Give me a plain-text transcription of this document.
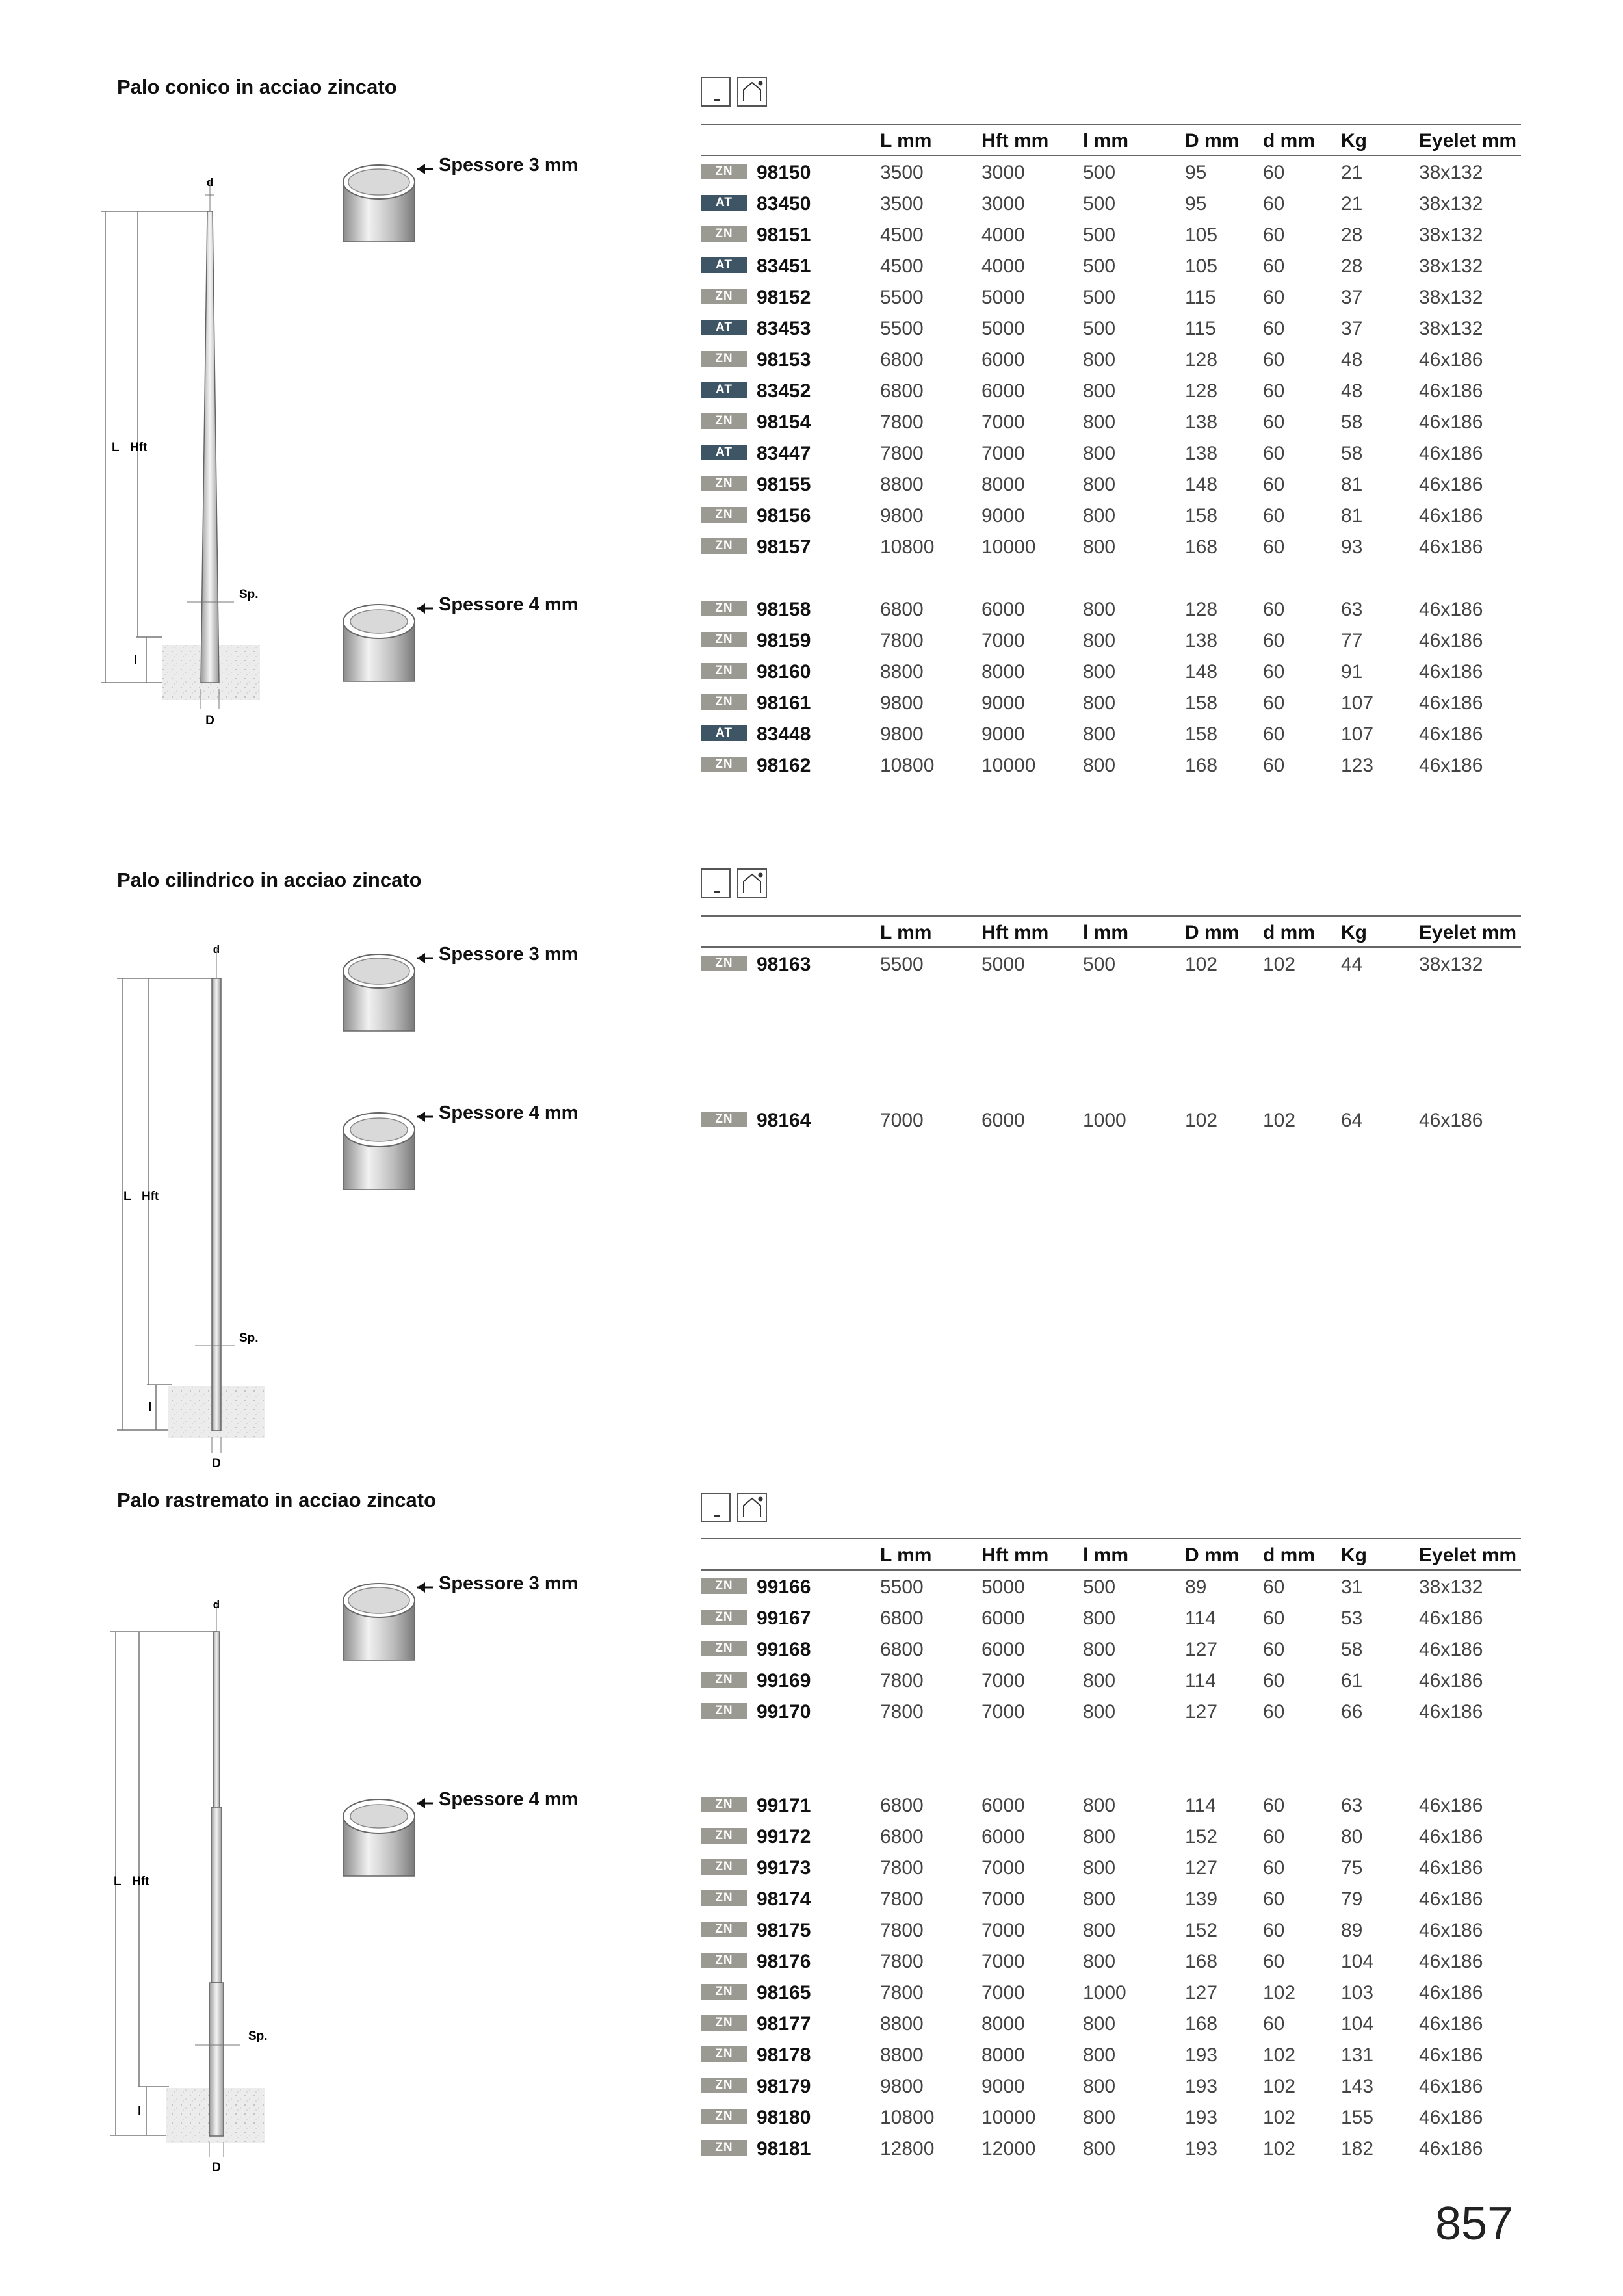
Palo conico in acciao zincato
d
Sp.
D
L Hft
l
Spessore 3 mm
Spessore 4 mm
L mm	Hft mm l mm	D mm d mm Kg	Eyelet mm
ZN	98150	3500	3000	500	95	60	21	38x132
AT	83450	3500	3000	500	95	60	21	38x132
ZN	98151	4500	4000	500	105 60	28	38x132
AT	83451	4500	4000	500	105 60	28	38x132
ZN	98152	5500	5000	500	115 60	37	38x132
AT	83453	5500	5000	500	115 60	37	38x132
ZN	98153	6800	6000	800	128 60	48	46x186
AT	83452	6800	6000	800	128 60	48	46x186
ZN	98154	7800	7000	800	138 60	58	46x186
AT	83447	7800	7000	800	138 60	58	46x186
ZN	98155	8800	8000	800	148 60	81	46x186
ZN	98156	9800	9000	800	158 60	81	46x186
ZN	98157	10800 10000 800	168 60	93	46x186
ZN	98158	6800	6000	800	128 60	63	46x186
ZN	98159	7800	7000	800	138 60	77	46x186
ZN	98160	8800	8000	800	148 60	91	46x186
ZN	98161	9800	9000	800	158 60	107 46x186
AT	83448	9800	9000	800	158 60	107 46x186
ZN	98162	10800 10000 800	168 60	123 46x186
Palo cilindrico in acciao zincato
d
Sp.
D
L Hft
l
Spessore 3 mm
Spessore 4 mm
L mm	Hft mm l mm	D mm d mm Kg	Eyelet mm
ZN	98163	5500	5000	500	102 102 44	38x132
ZN	98164	7000	6000	1000	102 102 64	46x186
Palo rastremato in acciao zincato
d
Sp.
D
L Hft
l
Spessore 3 mm
Spessore 4 mm
L mm	Hft mm l mm	D mm d mm Kg	Eyelet mm
ZN	99166	5500	5000	500	89	60	31	38x132
ZN	99167	6800	6000	800	114 60	53	46x186
ZN	99168	6800	6000	800	127 60	58	46x186
ZN	99169	7800	7000	800	114 60	61	46x186
ZN	99170	7800	7000	800	127 60	66	46x186
ZN	99171	6800	6000	800	114 60	63	46x186
ZN	99172	6800	6000	800	152 60	80	46x186
ZN	99173	7800	7000	800	127 60	75	46x186
ZN	98174	7800	7000	800	139 60	79	46x186
ZN	98175	7800	7000	800	152 60	89	46x186
ZN	98176	7800	7000	800	168 60	104 46x186
ZN	98165	7800	7000	1000	127 102 103 46x186
ZN	98177	8800	8000	800	168 60	104 46x186
ZN	98178	8800	8000	800	193 102 131 46x186
ZN	98179	9800	9000	800	193 102 143 46x186
ZN	98180	10800 10000 800	193 102 155 46x186
ZN	98181	12800 12000 800	193 102 182 46x186
857
